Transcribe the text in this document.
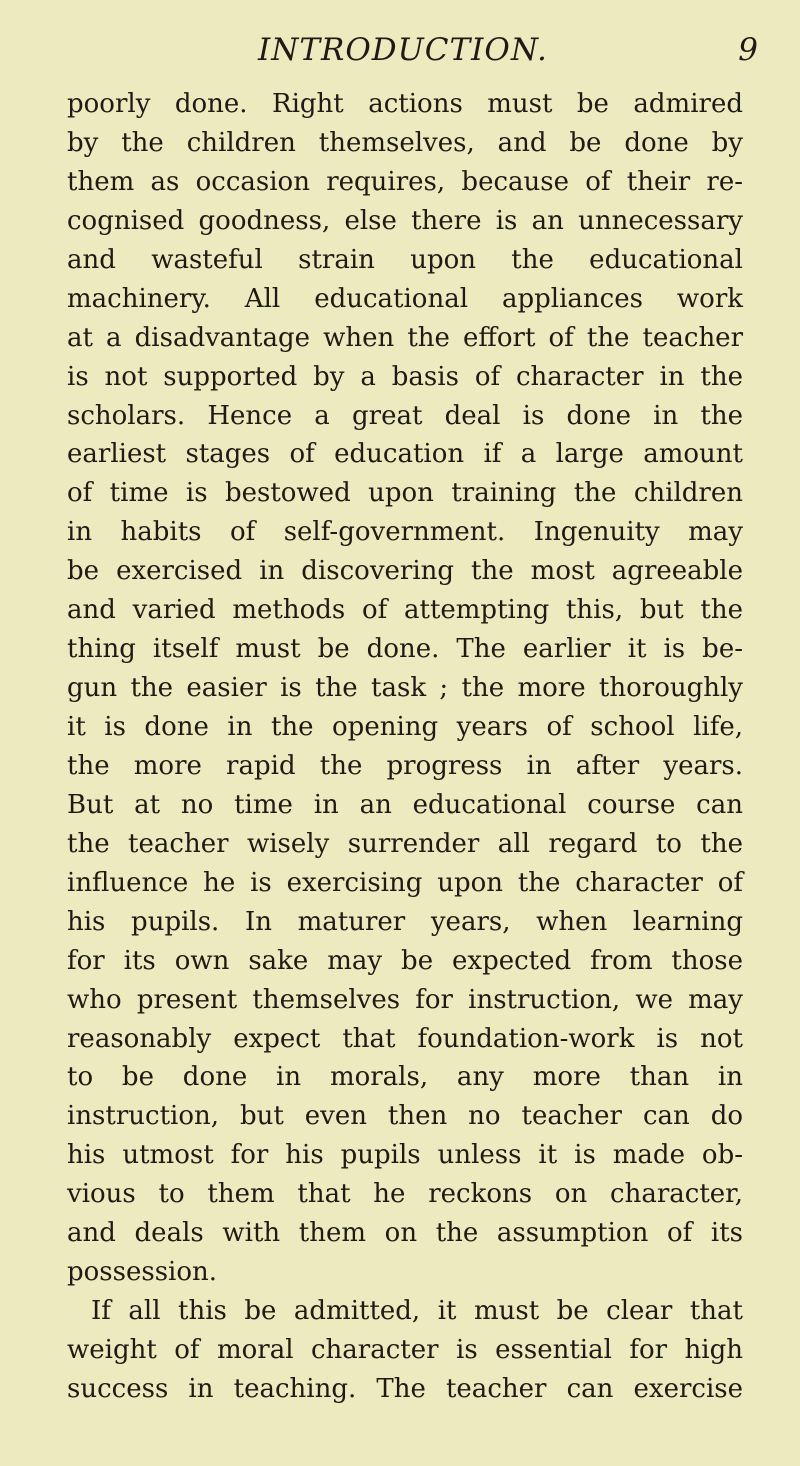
INTRODUCTION.	9
poorly done. Right actions must be admired
by the children themselves, and be done by
them as occasion requires, because of their re-
cognised goodness, else there is an unnecessary
and wasteful strain upon the educational
machinery. All educational appliances work
at a disadvantage when the effort of the teacher
is not supported by a basis of character in the
scholars. Hence a great deal is done in the
earliest stages of education if a large amount
of time is bestowed upon training the children
in habits of self-government. Ingenuity may
be exercised in discovering the most agreeable
and varied methods of attempting this, but the
thing itself must be done. The earlier it is be-
gun the easier is the task ; the more thoroughly
it is done in the opening years of school life,
the more rapid the progress in after years.
But at no time in an educational course can
the teacher wisely surrender all regard to the
influence he is exercising upon the character of
his pupils. In maturer years, when learning
for its own sake may be expected from those
who present themselves for instruction, we may
reasonably expect that foundation-work is not
to be done in morals, any more than in
instruction, but even then no teacher can do
his utmost for his pupils unless it is made ob-
vious to them that he reckons on character,
and deals with them on the assumption of its
possession.
If all this be admitted, it must be clear that
weight of moral character is essential for high
success in teaching. The teacher can exercise
